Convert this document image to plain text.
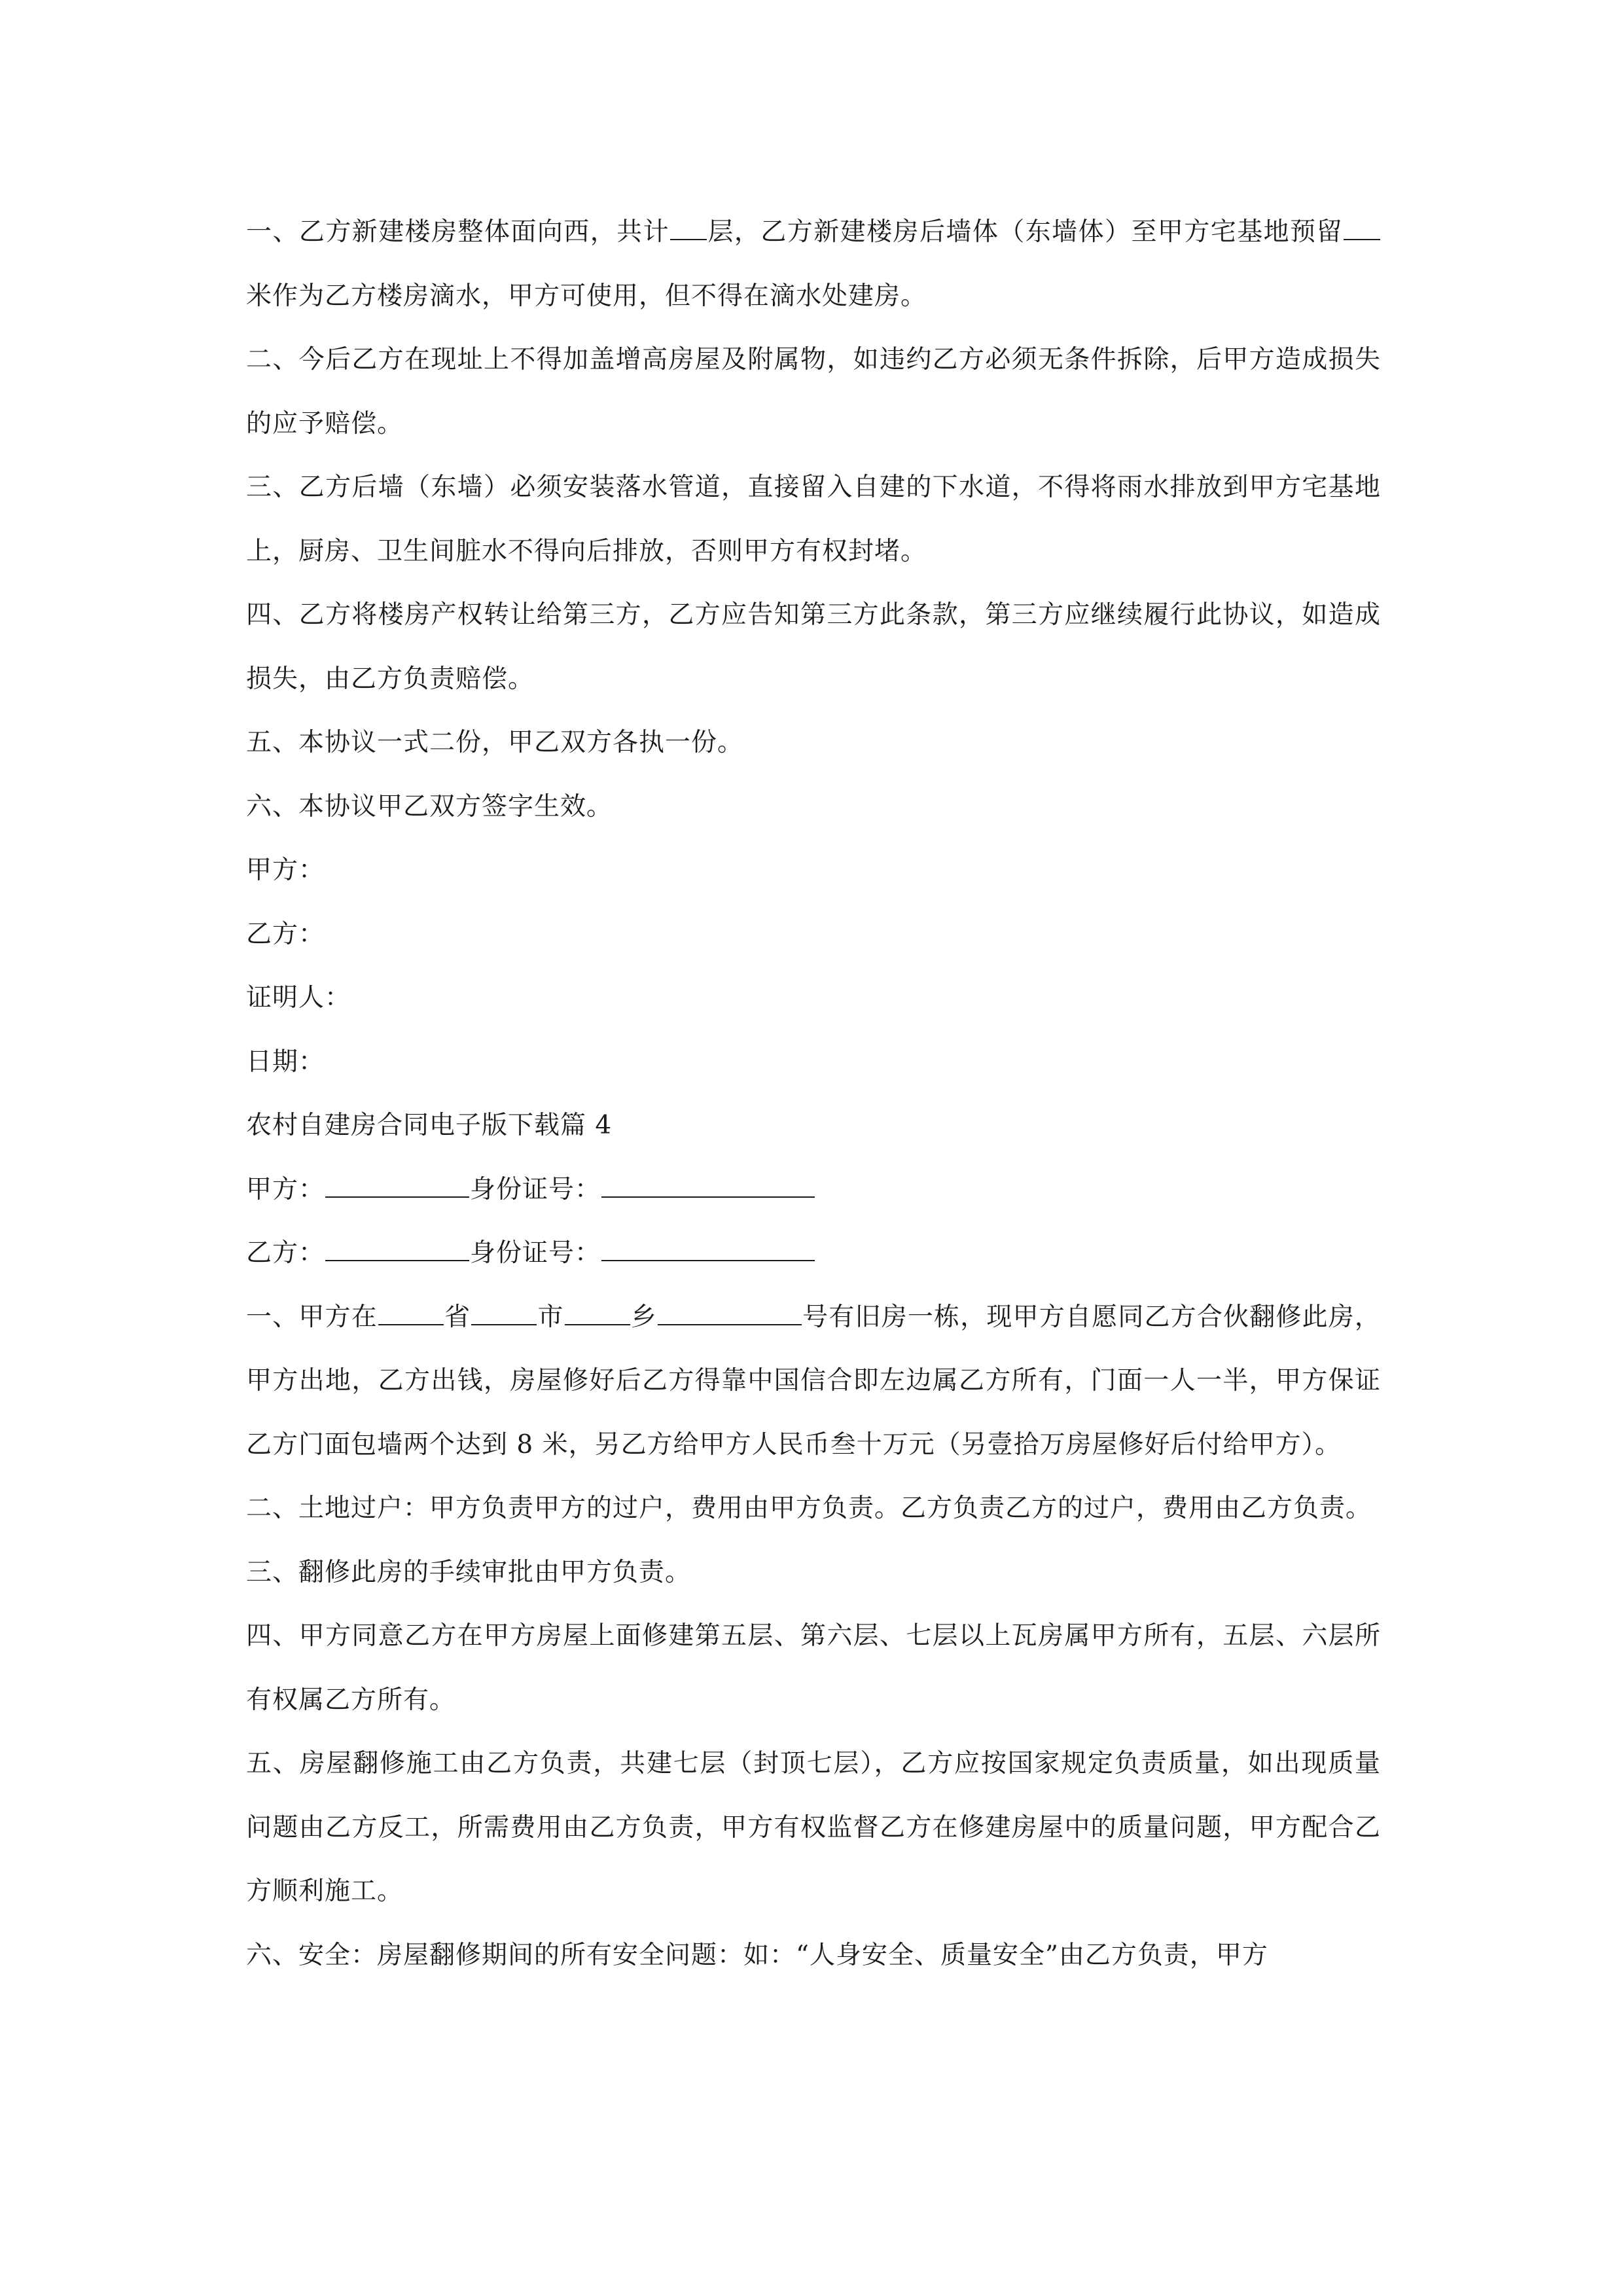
一、乙方新建楼房整体面向西，共计 层，乙方新建楼房后墙体（东墙体）至甲方宅基地预留米作为乙方楼房滴水，甲方可使用，但不得在滴水处建房。

二、今后乙方在现址上不得加盖增高房屋及附属物，如违约乙方必须无条件拆除，后甲方造成损失的应予赔偿。

三、乙方后墙（东墙）必须安装落水管道，直接留入自建的下水道，不得将雨水排放到甲方宅基地上，厨房、卫生间脏水不得向后排放，否则甲方有权封堵。

四、乙方将楼房产权转让给第三方，乙方应告知第三方此条款，第三方应继续履行此协议，如造成损失，由乙方负责赔偿。

五、本协议一式二份，甲乙双方各执一份。

六、本协议甲乙双方签字生效。

甲方：

乙方：

证明人：

日期：

农村自建房合同电子版下载篇 4

甲方：	身份证号：

乙方：	身份证号：

一、甲方在	省	市	乡	号有旧房一栋，现甲方自愿同乙方合伙翻修此房，甲方出地，乙方出钱，房屋修好后乙方得靠中国信合即左边属乙方所有，门面一人一半，甲方保证乙方门面包墙两个达到 8 米，另乙方给甲方人民币叁十万元（另壹拾万房屋修好后付给甲方）。

二、土地过户：甲方负责甲方的过户，费用由甲方负责。乙方负责乙方的过户，费用由乙方负责。

三、翻修此房的手续审批由甲方负责。

四、甲方同意乙方在甲方房屋上面修建第五层、第六层、七层以上瓦房属甲方所有，五层、六层所有权属乙方所有。

五、房屋翻修施工由乙方负责，共建七层（封顶七层），乙方应按国家规定负责质量，如出现质量问题由乙方反工，所需费用由乙方负责，甲方有权监督乙方在修建房屋中的质量问题，甲方配合乙方顺利施工。

六、安全：房屋翻修期间的所有安全问题：如：“人身安全、质量安全”由乙方负责，甲方
